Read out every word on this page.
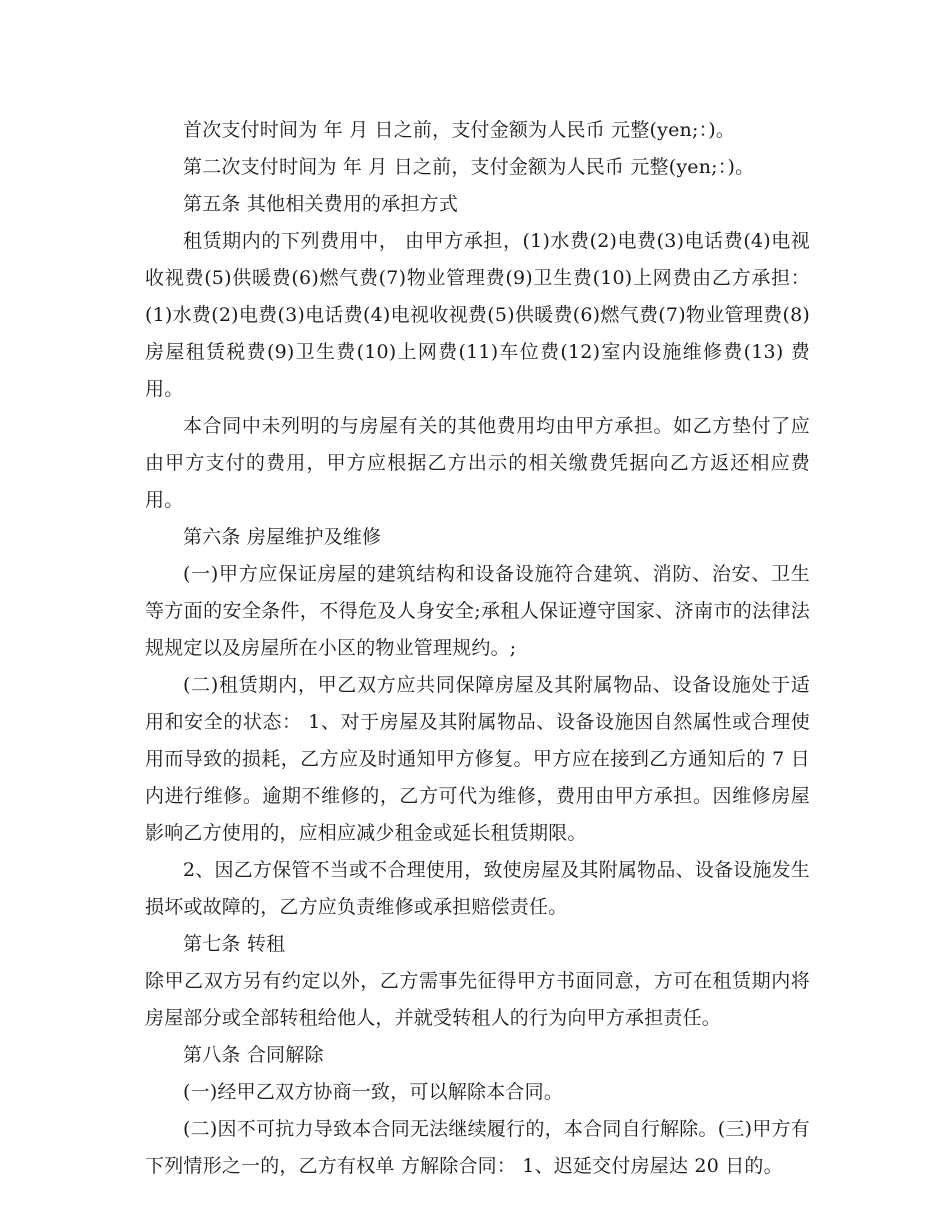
首次支付时间为 年 月 日之前，支付金额为人民币 元整(yen;：)。

第二次支付时间为 年 月 日之前，支付金额为人民币 元整(yen;：)。

第五条 其他相关费用的承担方式

租赁期内的下列费用中， 由甲方承担，(1)水费(2)电费(3)电话费(4)电视收视费(5)供暖费(6)燃气费(7)物业管理费(9)卫生费(10)上网费由乙方承担：(1)水费(2)电费(3)电话费(4)电视收视费(5)供暖费(6)燃气费(7)物业管理费(8)房屋租赁税费(9)卫生费(10)上网费(11)车位费(12)室内设施维修费(13) 费用。

本合同中未列明的与房屋有关的其他费用均由甲方承担。如乙方垫付了应由甲方支付的费用，甲方应根据乙方出示的相关缴费凭据向乙方返还相应费用。

第六条 房屋维护及维修

(一)甲方应保证房屋的建筑结构和设备设施符合建筑、消防、治安、卫生等方面的安全条件，不得危及人身安全;承租人保证遵守国家、济南市的法律法规规定以及房屋所在小区的物业管理规约。;

(二)租赁期内，甲乙双方应共同保障房屋及其附属物品、设备设施处于适用和安全的状态： 1、对于房屋及其附属物品、设备设施因自然属性或合理使用而导致的损耗，乙方应及时通知甲方修复。甲方应在接到乙方通知后的 7 日内进行维修。逾期不维修的，乙方可代为维修，费用由甲方承担。因维修房屋影响乙方使用的，应相应减少租金或延长租赁期限。

2、因乙方保管不当或不合理使用，致使房屋及其附属物品、设备设施发生损坏或故障的，乙方应负责维修或承担赔偿责任。

第七条 转租

除甲乙双方另有约定以外，乙方需事先征得甲方书面同意，方可在租赁期内将房屋部分或全部转租给他人，并就受转租人的行为向甲方承担责任。

第八条 合同解除

(一)经甲乙双方协商一致，可以解除本合同。

(二)因不可抗力导致本合同无法继续履行的，本合同自行解除。(三)甲方有下列情形之一的，乙方有权单 方解除合同： 1、迟延交付房屋达 20 日的。
